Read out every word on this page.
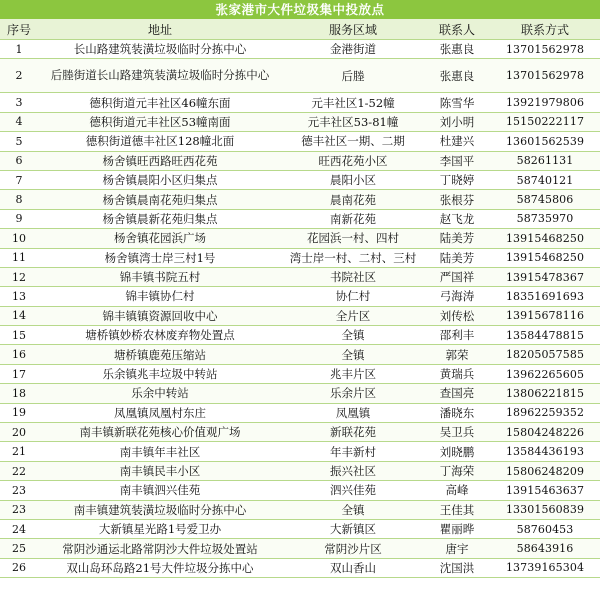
张家港市大件垃圾集中投放点
序号	地址	服务区域	联系人	联系方式
1	长山路建筑装潢垃圾临时分拣中心	金港街道	张惠良	13701562978
2	后塍街道长山路建筑装潢垃圾临时分拣中心	后塍	张惠良	13701562978
3	德积街道元丰社区46幢东面	元丰社区1-52幢	陈雪华	13921979806
4	德积街道元丰社区53幢南面	元丰社区53-81幢	刘小明	15150222117
5	德积街道德丰社区128幢北面	德丰社区一期、二期	杜建兴	13601562539
6	杨舍镇旺西路旺西花苑	旺西花苑小区	李国平	58261131
7	杨舍镇晨阳小区归集点	晨阳小区	丁晓婷	58740121
8	杨舍镇晨南花苑归集点	晨南花苑	张根芬	58745806
9	杨舍镇晨新花苑归集点	南新花苑	赵飞龙	58735970
10	杨舍镇花园浜广场	花园浜一村、四村	陆美芳	13915468250
11	杨舍镇湾士岸三村1号	湾士岸一村、二村、三村	陆美芳	13915468250
12	锦丰镇书院五村	书院社区	严国祥	13915478367
13	锦丰镇协仁村	协仁村	弓海涛	18351691693
14	锦丰镇镇资源回收中心	全片区	刘传松	13915678116
15	塘桥镇妙桥农林废弃物处置点	全镇	邵利丰	13584478815
16	塘桥镇鹿苑压缩站	全镇	郭荣	18205057585
17	乐余镇兆丰垃圾中转站	兆丰片区	黄瑞兵	13962265605
18	乐余中转站	乐余片区	查国亮	13806221815
19	凤凰镇凤凰村东庄	凤凰镇	潘晓东	18962259352
20	南丰镇新联花苑核心价值观广场	新联花苑	吴卫兵	15804248226
21	南丰镇年丰社区	年丰新村	刘晓鹏	13584436193
22	南丰镇民丰小区	振兴社区	丁海荣	15806248209
23	南丰镇泗兴佳苑	泗兴佳苑	高峰	13915463637
23	南丰镇建筑装潢垃圾临时分拣中心	全镇	王佳其	13301560839
24	大新镇星光路1号爱卫办	大新镇区	瞿丽晔	58760453
25	常阴沙通运北路常阴沙大件垃圾处置站	常阴沙片区	唐宇	58643916
26	双山岛环岛路21号大件垃圾分拣中心	双山香山	沈国洪	13739165304
